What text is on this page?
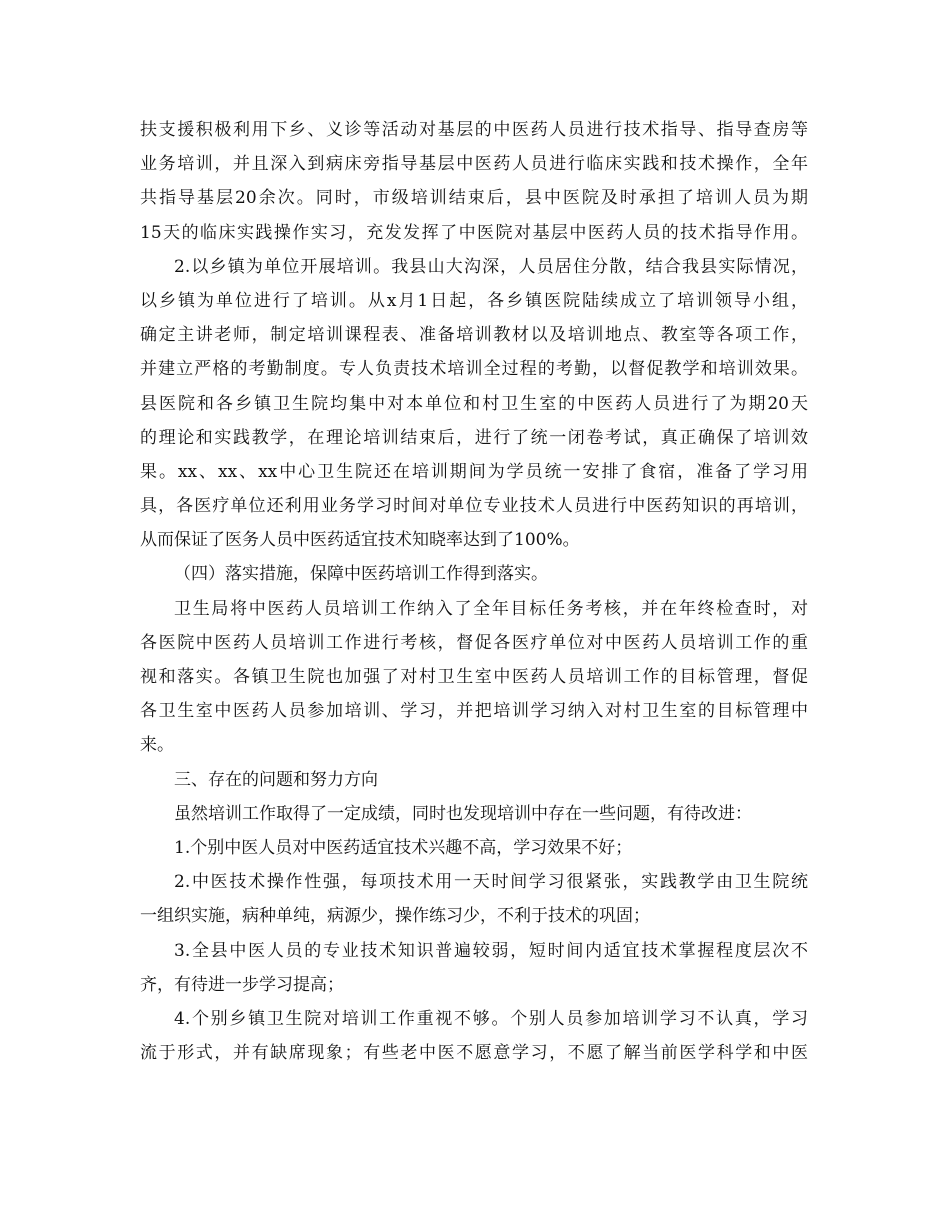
扶支援积极利用下乡、义诊等活动对基层的中医药人员进行技术指导、指导查房等
业务培训，并且深入到病床旁指导基层中医药人员进行临床实践和技术操作，全年
共指导基层20余次。同时，市级培训结束后，县中医院及时承担了培训人员为期
15天的临床实践操作实习，充发发挥了中医院对基层中医药人员的技术指导作用。
2.以乡镇为单位开展培训。我县山大沟深，人员居住分散，结合我县实际情况，
以乡镇为单位进行了培训。从x月1日起，各乡镇医院陆续成立了培训领导小组，
确定主讲老师，制定培训课程表、准备培训教材以及培训地点、教室等各项工作，
并建立严格的考勤制度。专人负责技术培训全过程的考勤，以督促教学和培训效果。
县医院和各乡镇卫生院均集中对本单位和村卫生室的中医药人员进行了为期20天
的理论和实践教学，在理论培训结束后，进行了统一闭卷考试，真正确保了培训效
果。xx、xx、xx中心卫生院还在培训期间为学员统一安排了食宿，准备了学习用
具，各医疗单位还利用业务学习时间对单位专业技术人员进行中医药知识的再培训，
从而保证了医务人员中医药适宜技术知晓率达到了100%。
（四）落实措施，保障中医药培训工作得到落实。
卫生局将中医药人员培训工作纳入了全年目标任务考核，并在年终检查时，对
各医院中医药人员培训工作进行考核，督促各医疗单位对中医药人员培训工作的重
视和落实。各镇卫生院也加强了对村卫生室中医药人员培训工作的目标管理，督促
各卫生室中医药人员参加培训、学习，并把培训学习纳入对村卫生室的目标管理中
来。
三、存在的问题和努力方向
虽然培训工作取得了一定成绩，同时也发现培训中存在一些问题，有待改进：
1.个别中医人员对中医药适宜技术兴趣不高，学习效果不好；
2.中医技术操作性强，每项技术用一天时间学习很紧张，实践教学由卫生院统
一组织实施，病种单纯，病源少，操作练习少，不利于技术的巩固；
3.全县中医人员的专业技术知识普遍较弱，短时间内适宜技术掌握程度层次不
齐，有待进一步学习提高；
4.个别乡镇卫生院对培训工作重视不够。个别人员参加培训学习不认真，学习
流于形式，并有缺席现象；有些老中医不愿意学习，不愿了解当前医学科学和中医
